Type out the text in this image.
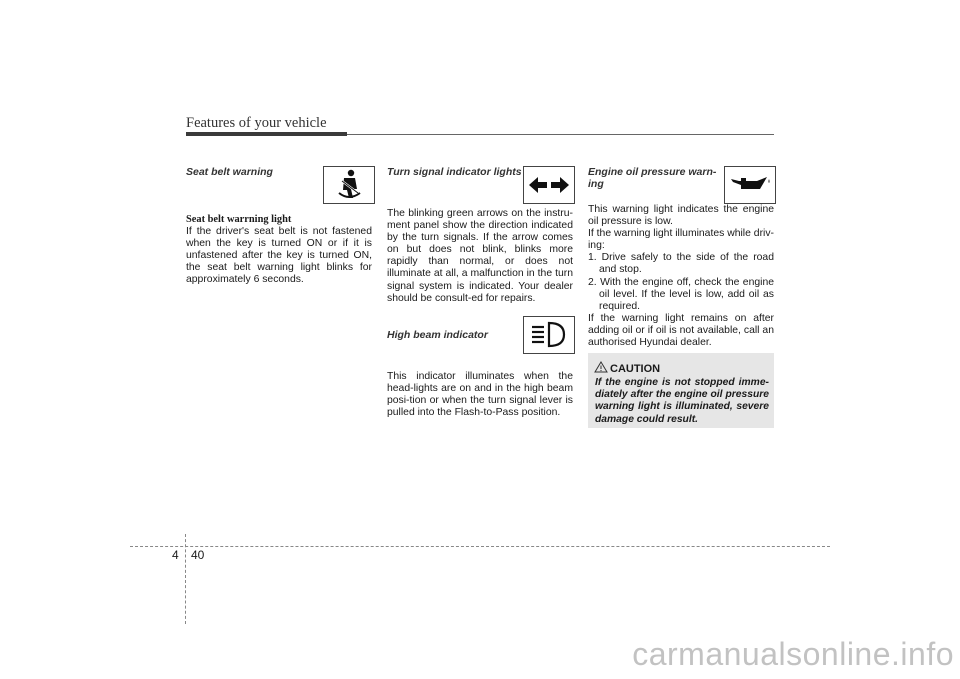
Features of your vehicle

Seat belt warning

Seat belt warrning light

If the driver's seat belt is not fastened when the key is turned ON or if it is unfastened after the key is turned ON, the seat belt warning light blinks for approximately 6 seconds.

Turn signal indicator lights

The blinking green arrows on the instru-ment panel show the direction indicated by the turn signals. If the arrow comes on but does not blink, blinks more rapidly than normal, or does not illuminate at all, a malfunction in the turn signal system is indicated. Your dealer should be consult-ed for repairs.

High beam indicator

This indicator illuminates when the head-lights are on and in the high beam posi-tion or when the turn signal lever is pulled into the Flash-to-Pass position.

Engine oil pressure warn-

ing

This warning light indicates the engine oil pressure is low.

If the warning light illuminates while driv-ing:

1. Drive safely to the side of the road and stop.

2. With the engine off, check the engine oil level. If the level is low, add oil as required.

If the warning light remains on after adding oil or if oil is not available, call an authorised Hyundai dealer.

CAUTION

If the engine is not stopped imme-diately after the engine oil pressure warning light is illuminated, severe damage could result.

4 40
carmanualsonline.info
